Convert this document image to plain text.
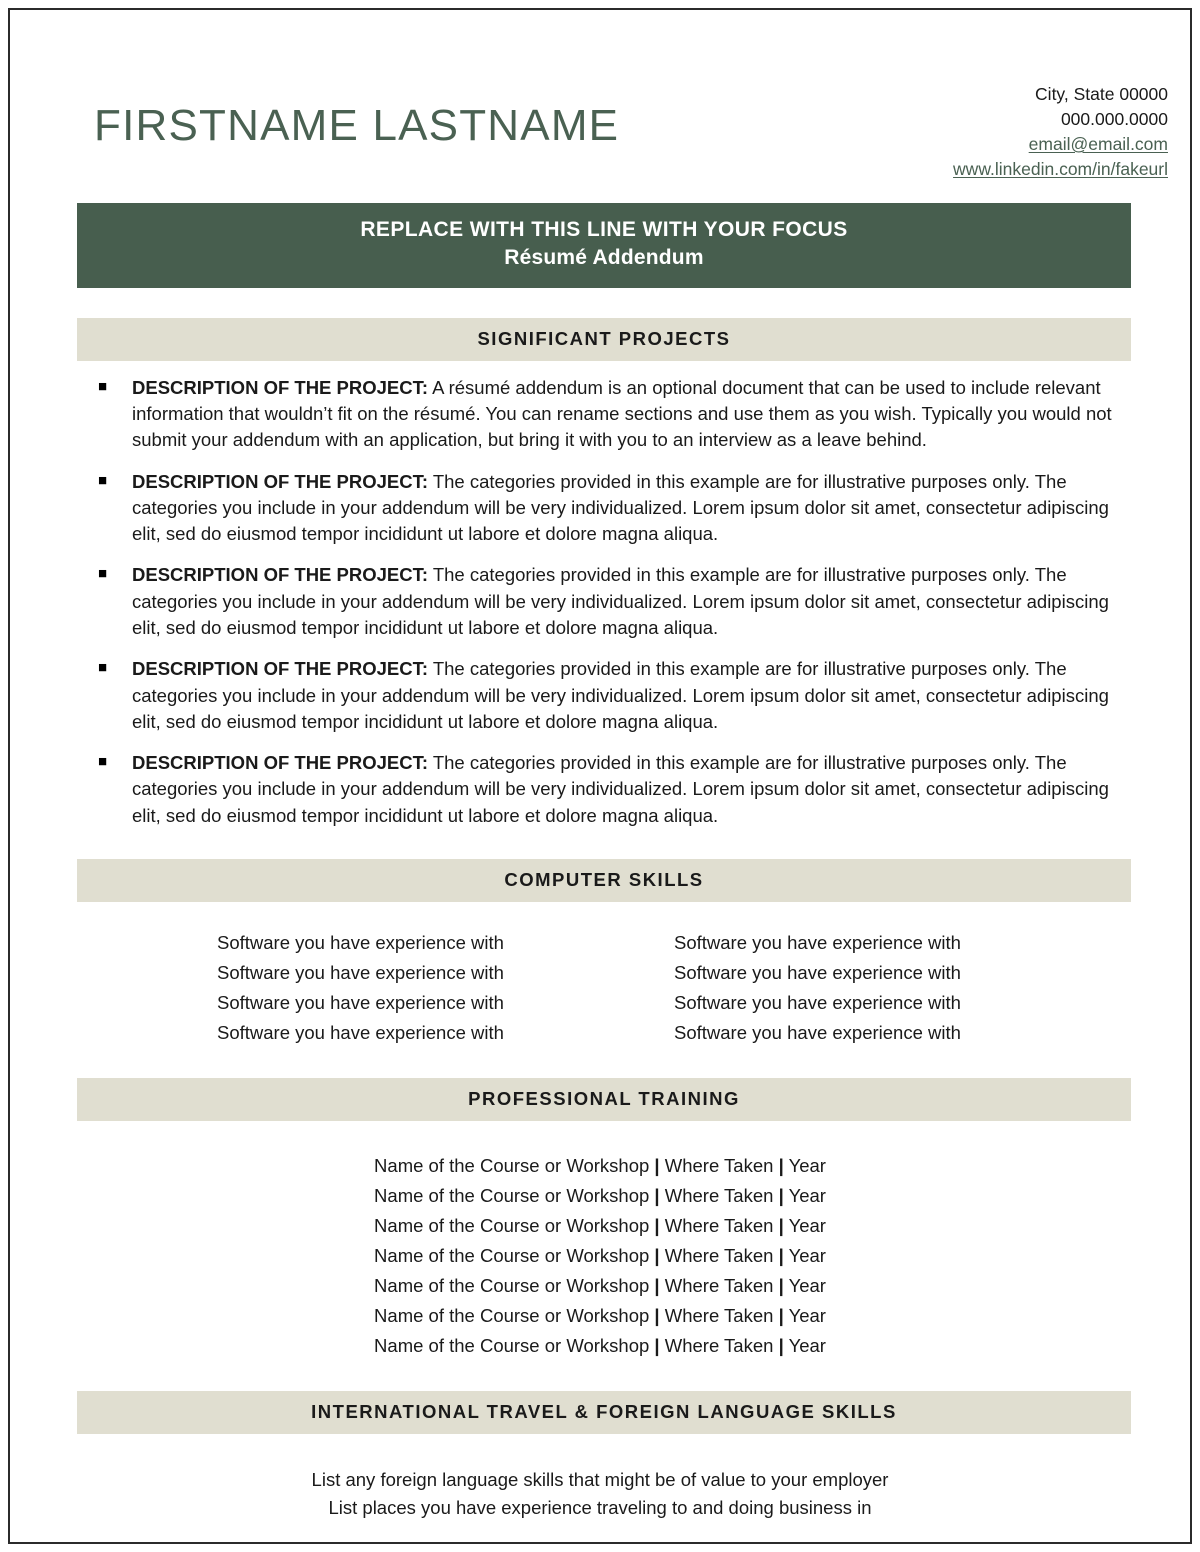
FIRSTNAME LASTNAME
City, State 00000
000.000.0000
email@email.com
www.linkedin.com/in/fakeurl
REPLACE WITH THIS LINE WITH YOUR FOCUS
Résumé Addendum
SIGNIFICANT PROJECTS
■ DESCRIPTION OF THE PROJECT: A résumé addendum is an optional document that can be used to include relevant information that wouldn’t fit on the résumé. You can rename sections and use them as you wish. Typically you would not submit your addendum with an application, but bring it with you to an interview as a leave behind.
■ DESCRIPTION OF THE PROJECT: The categories provided in this example are for illustrative purposes only. The categories you include in your addendum will be very individualized. Lorem ipsum dolor sit amet, consectetur adipiscing elit, sed do eiusmod tempor incididunt ut labore et dolore magna aliqua.
■ DESCRIPTION OF THE PROJECT: The categories provided in this example are for illustrative purposes only. The categories you include in your addendum will be very individualized. Lorem ipsum dolor sit amet, consectetur adipiscing elit, sed do eiusmod tempor incididunt ut labore et dolore magna aliqua.
■ DESCRIPTION OF THE PROJECT: The categories provided in this example are for illustrative purposes only. The categories you include in your addendum will be very individualized. Lorem ipsum dolor sit amet, consectetur adipiscing elit, sed do eiusmod tempor incididunt ut labore et dolore magna aliqua.
■ DESCRIPTION OF THE PROJECT: The categories provided in this example are for illustrative purposes only. The categories you include in your addendum will be very individualized. Lorem ipsum dolor sit amet, consectetur adipiscing elit, sed do eiusmod tempor incididunt ut labore et dolore magna aliqua.
COMPUTER SKILLS
Software you have experience with
Software you have experience with
Software you have experience with
Software you have experience with
Software you have experience with
Software you have experience with
Software you have experience with
Software you have experience with
PROFESSIONAL TRAINING
Name of the Course or Workshop | Where Taken | Year
Name of the Course or Workshop | Where Taken | Year
Name of the Course or Workshop | Where Taken | Year
Name of the Course or Workshop | Where Taken | Year
Name of the Course or Workshop | Where Taken | Year
Name of the Course or Workshop | Where Taken | Year
Name of the Course or Workshop | Where Taken | Year
INTERNATIONAL TRAVEL & FOREIGN LANGUAGE SKILLS
List any foreign language skills that might be of value to your employer
List places you have experience traveling to and doing business in
